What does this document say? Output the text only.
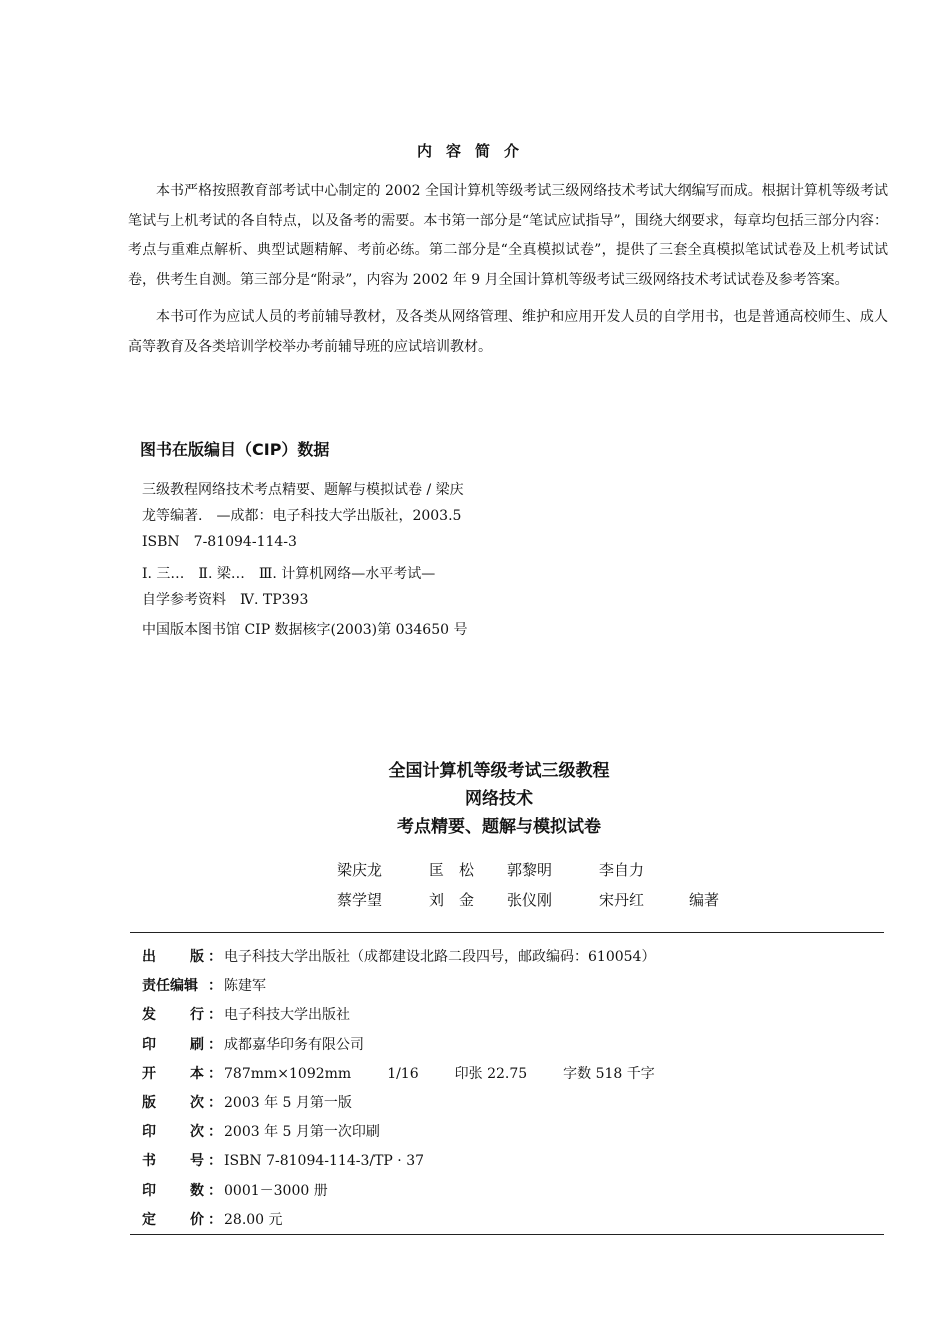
内容简介

本书严格按照教育部考试中心制定的 2002 全国计算机等级考试三级网络技术考试大纲编写而成。根据计算机等级考试笔试与上机考试的各自特点，以及备考的需要。本书第一部分是“笔试应试指导”，围绕大纲要求，每章均包括三部分内容：考点与重难点解析、典型试题精解、考前必练。第二部分是“全真模拟试卷”，提供了三套全真模拟笔试试卷及上机考试试卷，供考生自测。第三部分是“附录”，内容为 2002 年 9 月全国计算机等级考试三级网络技术考试试卷及参考答案。

本书可作为应试人员的考前辅导教材，及各类从网络管理、维护和应用开发人员的自学用书，也是普通高校师生、成人高等教育及各类培训学校举办考前辅导班的应试培训教材。

图书在版编目（CIP）数据
三级教程网络技术考点精要、题解与模拟试卷 / 梁庆
龙等编著.　—成都：电子科技大学出版社，2003.5
ISBN　7-81094-114-3
Ⅰ. 三…　Ⅱ. 梁…　Ⅲ. 计算机网络—水平考试—
自学参考资料　Ⅳ. TP393
中国版本图书馆 CIP 数据核字(2003)第 034650 号
全国计算机等级考试三级教程
网络技术
考点精要、题解与模拟试卷
梁庆龙	匡　松	郭黎明	李自力
蔡学望	刘　金	张仪刚	宋丹红	编著
出 版 ： 电子科技大学出版社（成都建设北路二段四号，邮政编码：610054）
责任编辑 ： 陈建军
发 行 ： 电子科技大学出版社
印 刷 ： 成都嘉华印务有限公司
开 本 ： 787mm×1092mm	1/16	印张 22.75	字数 518 千字
版 次 ： 2003 年 5 月第一版
印 次 ： 2003 年 5 月第一次印刷
书 号 ： ISBN 7-81094-114-3/TP · 37
印 数 ： 0001－3000 册
定 价 ： 28.00 元
